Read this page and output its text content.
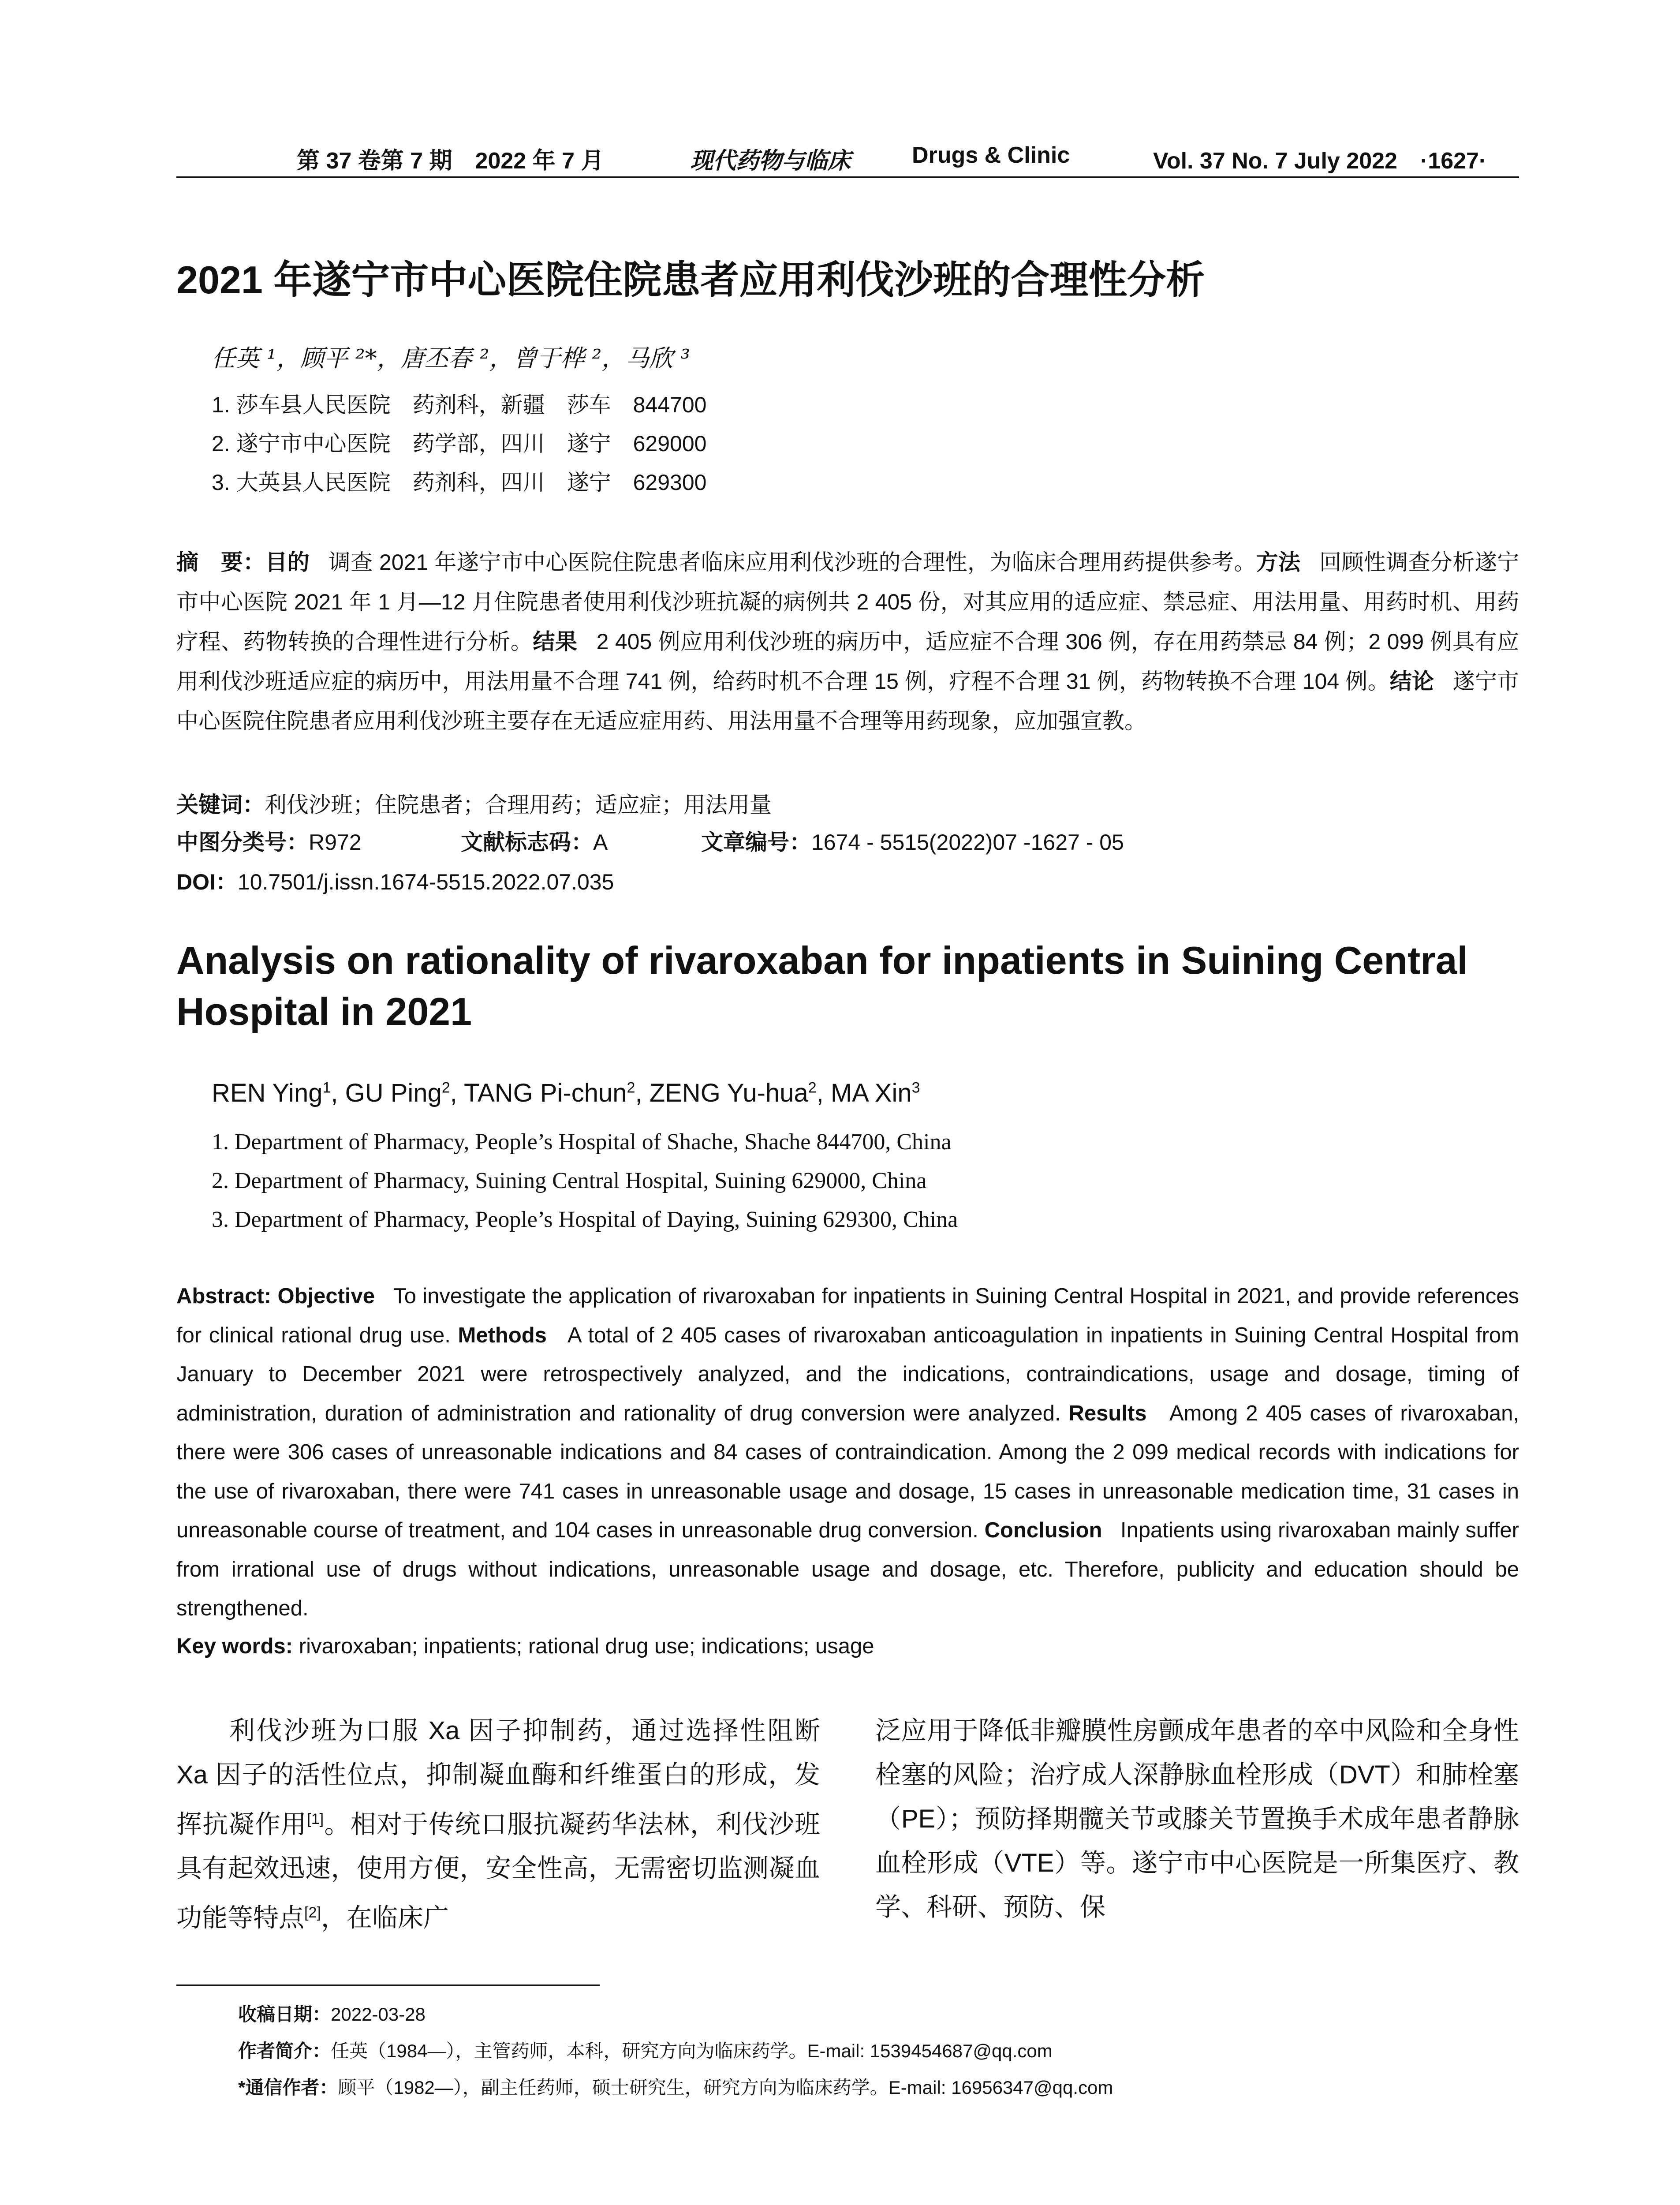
第 37 卷第 7 期　2022 年 7 月	现代药物与临床	Drugs & Clinic	Vol. 37 No. 7 July 2022　·1627·
2021 年遂宁市中心医院住院患者应用利伐沙班的合理性分析
任英 ¹，顾平 ²*，唐丕春 ²，曾于桦 ²，马欣 ³
1. 莎车县人民医院　药剂科，新疆　莎车　844700
2. 遂宁市中心医院　药学部，四川　遂宁　629000
3. 大英县人民医院　药剂科，四川　遂宁　629300
摘　要：目的 调查 2021 年遂宁市中心医院住院患者临床应用利伐沙班的合理性，为临床合理用药提供参考。方法 回顾性调查分析遂宁市中心医院 2021 年 1 月—12 月住院患者使用利伐沙班抗凝的病例共 2 405 份，对其应用的适应症、禁忌症、用法用量、用药时机、用药疗程、药物转换的合理性进行分析。结果 2 405 例应用利伐沙班的病历中，适应症不合理 306 例，存在用药禁忌 84 例；2 099 例具有应用利伐沙班适应症的病历中，用法用量不合理 741 例，给药时机不合理 15 例，疗程不合理 31 例，药物转换不合理 104 例。结论 遂宁市中心医院住院患者应用利伐沙班主要存在无适应症用药、用法用量不合理等用药现象，应加强宣教。
关键词：利伐沙班；住院患者；合理用药；适应症；用法用量
中图分类号：R972	文献标志码：A	文章编号：1674 - 5515(2022)07 -1627 - 05
DOI：10.7501/j.issn.1674-5515.2022.07.035
Analysis on rationality of rivaroxaban for inpatients in Suining Central Hospital in 2021
REN Ying$^1$, GU Ping$^2$, TANG Pi-chun$^2$, ZENG Yu-hua$^2$, MA Xin$^3$
1. Department of Pharmacy, People’s Hospital of Shache, Shache 844700, China
2. Department of Pharmacy, Suining Central Hospital, Suining 629000, China
3. Department of Pharmacy, People’s Hospital of Daying, Suining 629300, China
Abstract: Objective To investigate the application of rivaroxaban for inpatients in Suining Central Hospital in 2021, and provide references for clinical rational drug use. Methods A total of 2 405 cases of rivaroxaban anticoagulation in inpatients in Suining Central Hospital from January to December 2021 were retrospectively analyzed, and the indications, contraindications, usage and dosage, timing of administration, duration of administration and rationality of drug conversion were analyzed. Results Among 2 405 cases of rivaroxaban, there were 306 cases of unreasonable indications and 84 cases of contraindication. Among the 2 099 medical records with indications for the use of rivaroxaban, there were 741 cases in unreasonable usage and dosage, 15 cases in unreasonable medication time, 31 cases in unreasonable course of treatment, and 104 cases in unreasonable drug conversion. Conclusion Inpatients using rivaroxaban mainly suffer from irrational use of drugs without indications, unreasonable usage and dosage, etc. Therefore, publicity and education should be strengthened.
Key words: rivaroxaban; inpatients; rational drug use; indications; usage
利伐沙班为口服 Xa 因子抑制药，通过选择性阻断 Xa 因子的活性位点，抑制凝血酶和纤维蛋白的形成，发挥抗凝作用[1]。相对于传统口服抗凝药华法林，利伐沙班具有起效迅速，使用方便，安全性高，无需密切监测凝血功能等特点[2]，在临床广
泛应用于降低非瓣膜性房颤成年患者的卒中风险和全身性栓塞的风险；治疗成人深静脉血栓形成（DVT）和肺栓塞（PE）；预防择期髋关节或膝关节置换手术成年患者静脉血栓形成（VTE）等。遂宁市中心医院是一所集医疗、教学、科研、预防、保
收稿日期：2022-03-28
作者简介：任英（1984—），主管药师，本科，研究方向为临床药学。E-mail: 1539454687@qq.com
*通信作者：顾平（1982—），副主任药师，硕士研究生，研究方向为临床药学。E-mail: 16956347@qq.com
